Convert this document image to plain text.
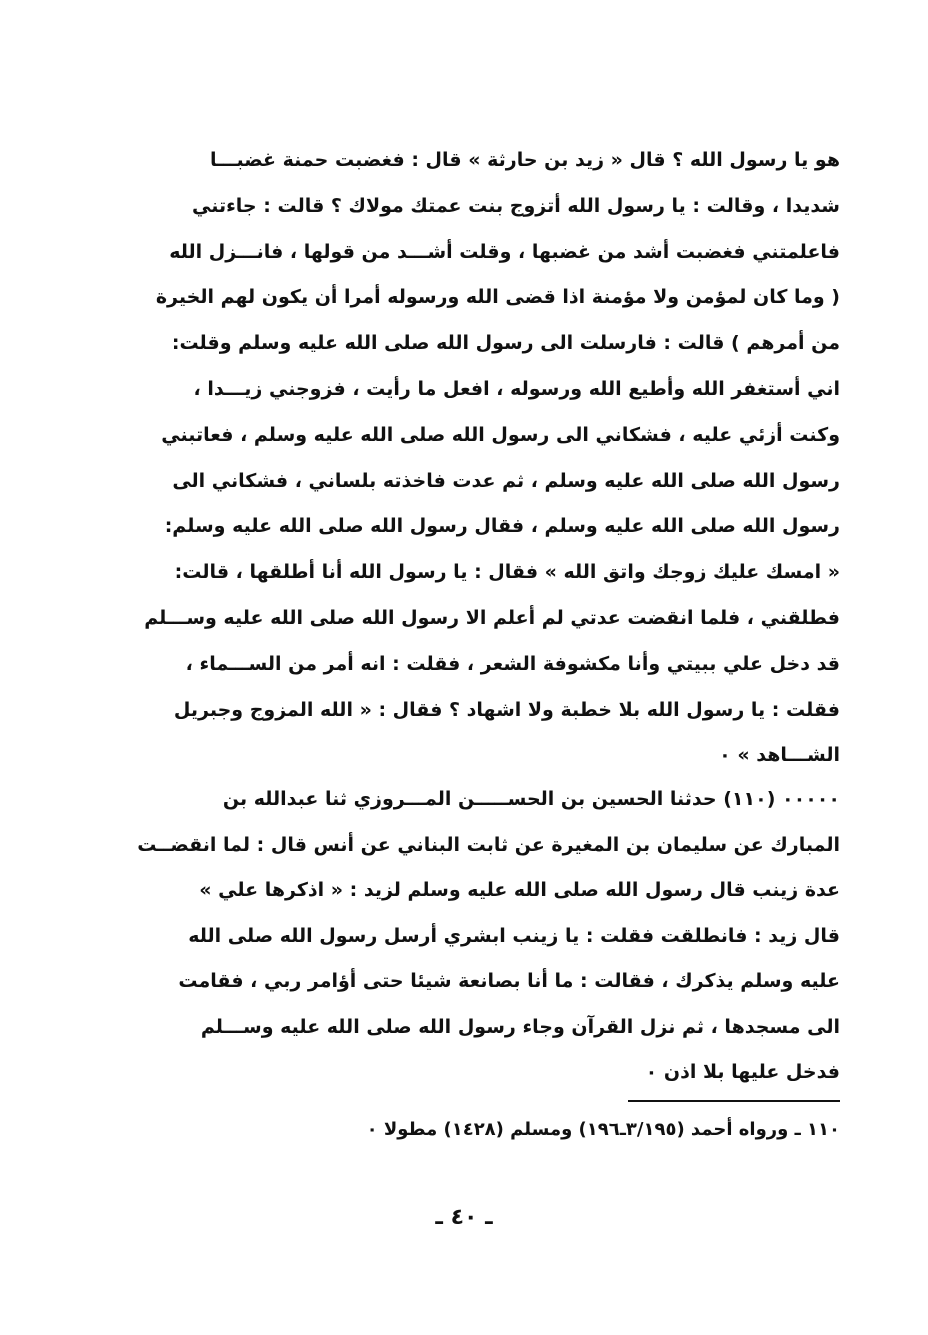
هو يا رسول الله ؟ قال « زيد بن حارثة » قال : فغضبت حمنة غضبـــا
شديدا ، وقالت : يا رسول الله أتزوج بنت عمتك مولاك ؟ قالت : جاءتني
فاعلمتني فغضبت أشد من غضبها ، وقلت أشـــد من قولها ، فانـــزل الله
( وما كان لمؤمن ولا مؤمنة اذا قضى الله ورسوله أمرا أن يكون لهم الخيرة
من أمرهم ) قالت : فارسلت الى رسول الله صلى الله عليه وسلم وقلت:
اني أستغفر الله وأطيع الله ورسوله ، افعل ما رأيت ، فزوجني زيـــدا ،
وكنت أزئي عليه ، فشكاني الى رسول الله صلى الله عليه وسلم ، فعاتبني
رسول الله صلى الله عليه وسلم ، ثم عدت فاخذته بلساني ، فشكاني الى
رسول الله صلى الله عليه وسلم ، فقال رسول الله صلى الله عليه وسلم:
« امسك عليك زوجك واتق الله » فقال : يا رسول الله أنا أطلقها ، قالت:
فطلقني ، فلما انقضت عدتي لم أعلم الا رسول الله صلى الله عليه وســـلم
قد دخل علي ببيتي وأنا مكشوفة الشعر ، فقلت : انه أمر من الســـماء ،
فقلت : يا رسول الله بلا خطبة ولا اشهاد ؟ فقال : « الله المزوج وجبريل
الشـــاهد » ٠
٠٠٠٠٠ (١١٠) حدثنا الحسين بن الحســـــن المـــروزي ثنا عبدالله بن
المبارك عن سليمان بن المغيرة عن ثابت البناني عن أنس قال : لما انقضــت
عدة زينب قال رسول الله صلى الله عليه وسلم لزيد : « اذكرها علي »
قال زيد : فانطلقت فقلت : يا زينب ابشري أرسل رسول الله صلى الله
عليه وسلم يذكرك ، فقالت : ما أنا بصانعة شيئا حتى أؤامر ربي ، فقامت
الى مسجدها ، ثم نزل القرآن وجاء رسول الله صلى الله عليه وســـلم
فدخل عليها بلا اذن ٠
١١٠ ـ ورواه أحمد (٣/١٩٥ـ١٩٦) ومسلم (١٤٢٨) مطولا ٠
ـ ٤٠ ـ
